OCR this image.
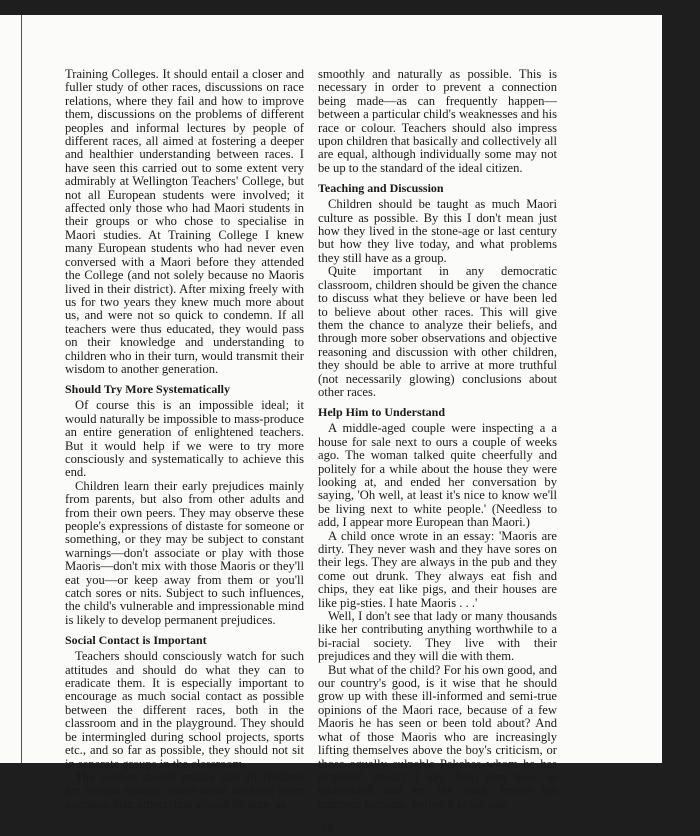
Training Colleges. It should entail a closer and fuller study of other races, discussions on race relations, where they fail and how to improve them, discussions on the problems of different peoples and informal lectures by people of different races, all aimed at fostering a deeper and healthier understanding between races. I have seen this carried out to some extent very admirably at Wellington Teachers' College, but not all European students were involved; it affected only those who had Maori students in their groups or who chose to specialise in Maori studies. At Training College I knew many European students who had never even conversed with a Maori before they attended the College (and not solely because no Maoris lived in their district). After mixing freely with us for two years they knew much more about us, and were not so quick to condemn. If all teachers were thus educated, they would pass on their knowledge and understanding to children who in their turn, would transmit their wisdom to another generation.

Should Try More Systematically

Of course this is an impossible ideal; it would naturally be impossible to mass-produce an entire generation of enlightened teachers. But it would help if we were to try more consciously and systematically to achieve this end.

Children learn their early prejudices mainly from parents, but also from other adults and from their own peers. They may observe these people's expressions of distaste for someone or something, or they may be subject to constant warnings—don't associate or play with those Maoris—don't mix with those Maoris or they'll eat you—or keep away from them or you'll catch sores or nits. Subject to such influences, the child's vulnerable and impressionable mind is likely to develop permanent prejudices.

Social Contact is Important

Teachers should consciously watch for such attitudes and should do what they can to eradicate them. It is especially important to encourage as much social contact as possible between the different races, both in the classroom and in the playground. They should be intermingled during school projects, sports etc., and so far as possible, they should not sit in separate groups in the classroom.

The teacher should ensure that all children are treated equally; when some do need more attention than others, this should be done as

smoothly and naturally as possible. This is necessary in order to prevent a connection being made—as can frequently happen—between a particular child's weaknesses and his race or colour. Teachers should also impress upon children that basically and collectively all are equal, although individually some may not be up to the standard of the ideal citizen.

Teaching and Discussion

Children should be taught as much Maori culture as possible. By this I don't mean just how they lived in the stone-age or last century but how they live today, and what problems they still have as a group.

Quite important in any democratic classroom, children should be given the chance to discuss what they believe or have been led to believe about other races. This will give them the chance to analyze their beliefs, and through more sober observations and objective reasoning and discussion with other children, they should be able to arrive at more truthful (not necessarily glowing) conclusions about other races.

Help Him to Understand

A middle-aged couple were inspecting a a house for sale next to ours a couple of weeks ago. The woman talked quite cheerfully and politely for a while about the house they were looking at, and ended her conversation by saying, 'Oh well, at least it's nice to know we'll be living next to white people.' (Needless to add, I appear more European than Maori.)

A child once wrote in an essay: 'Maoris are dirty. They never wash and they have sores on their legs. They are always in the pub and they come out drunk. They always eat fish and chips, they eat like pigs, and their houses are like pig-sties. I hate Maoris . . .'

Well, I don't see that lady or many thousands like her contributing anything worthwhile to a bi-racial society. They live with their prejudices and they will die with them.

But what of the child? For his own good, and our country's good, is it wise that he should grow up with these ill-informed and semi-true opinions of the Maori race, because of a few Maoris he has seen or been told about? And what of those Maoris who are increasingly lifting themselves above the boy's criticism, or those equally culpable Pakehas whom he has forgotten about? I say, help him now, to understand and see the truth, before his numbers increase, before it is too late.

15
